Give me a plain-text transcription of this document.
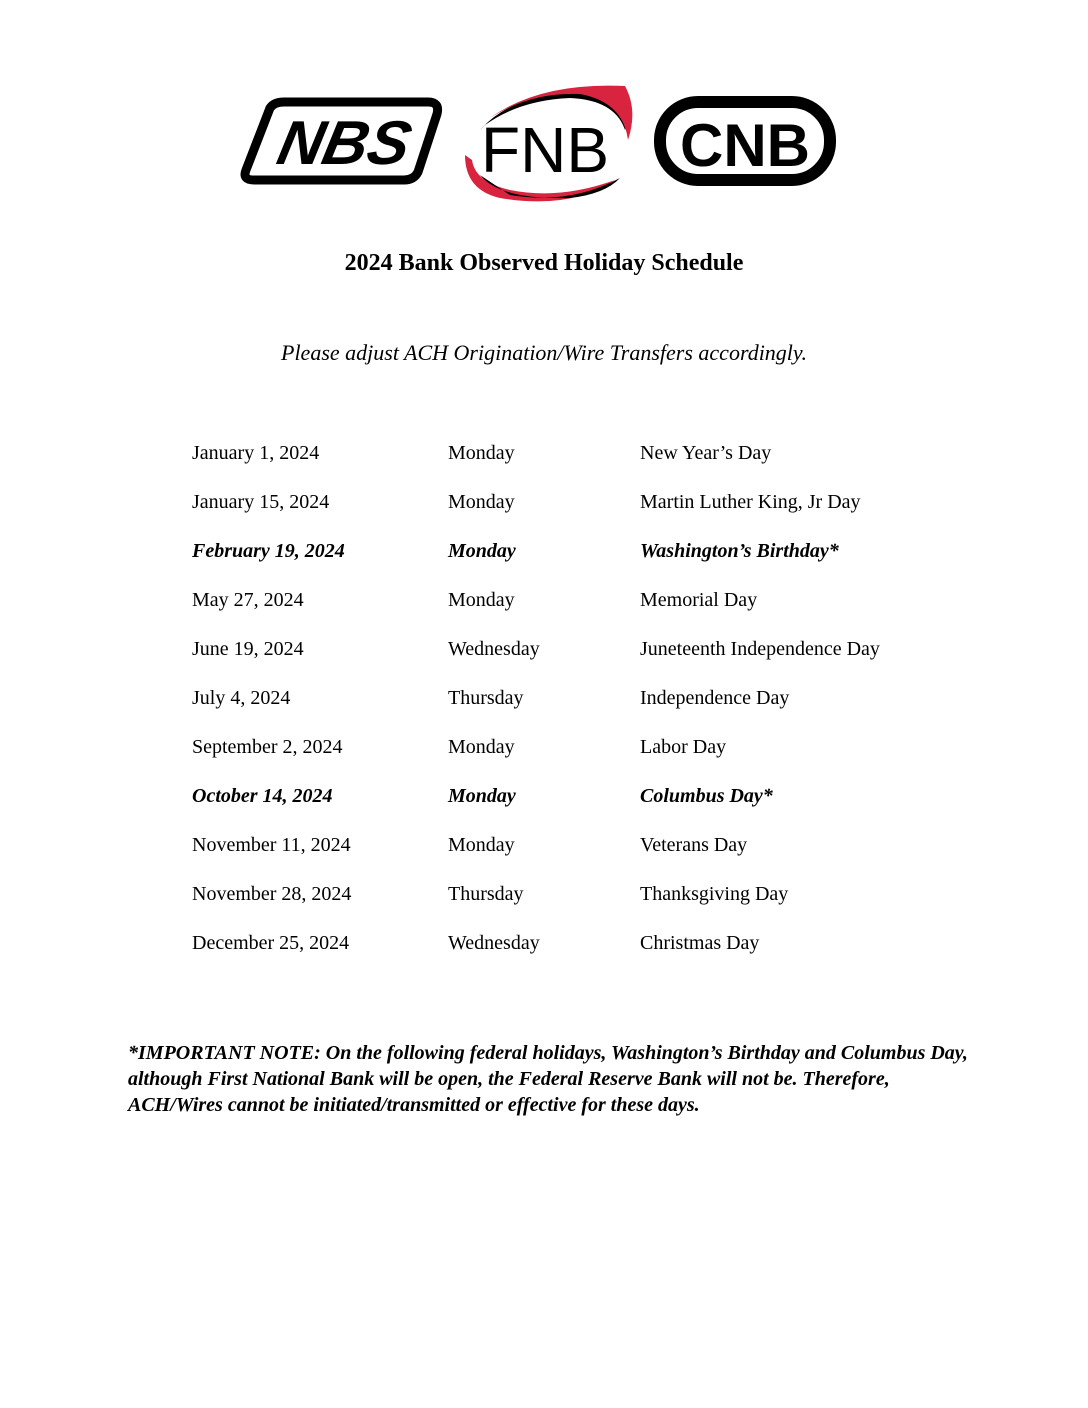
NBS FNB CNB
2024 Bank Observed Holiday Schedule
Please adjust ACH Origination/Wire Transfers accordingly.
January 1, 2024	Monday	New Year’s Day
January 15, 2024	Monday	Martin Luther King, Jr Day
February 19, 2024	Monday	Washington’s Birthday*
May 27, 2024	Monday	Memorial Day
June 19, 2024	Wednesday	Juneteenth Independence Day
July 4, 2024	Thursday	Independence Day
September 2, 2024	Monday	Labor Day
October 14, 2024	Monday	Columbus Day*
November 11, 2024	Monday	Veterans Day
November 28, 2024	Thursday	Thanksgiving Day
December 25, 2024	Wednesday	Christmas Day
*IMPORTANT NOTE: On the following federal holidays, Washington’s Birthday and Columbus Day, although First National Bank will be open, the Federal Reserve Bank will not be. Therefore, ACH/Wires cannot be initiated/transmitted or effective for these days.
